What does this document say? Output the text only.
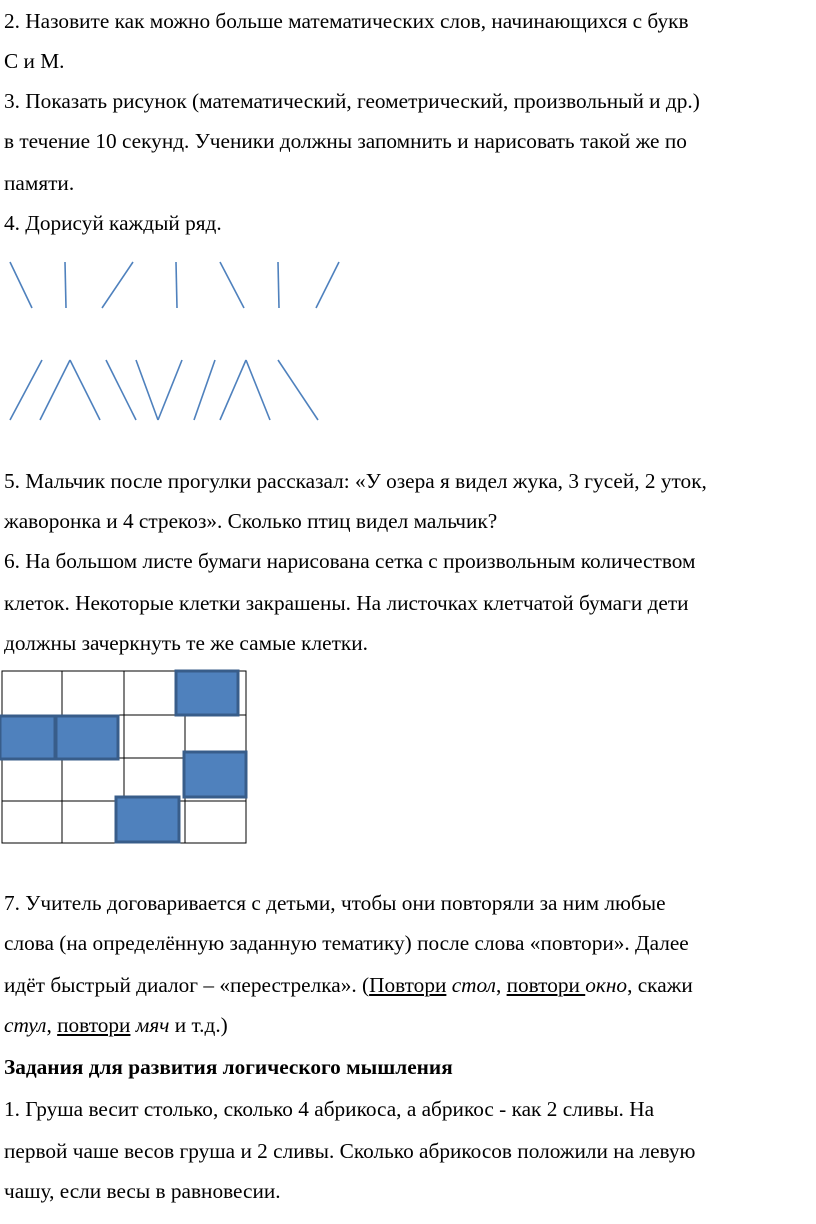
2. Назовите как можно больше математических слов, начинающихся с букв
С и М.
3. Показать рисунок (математический, геометрический, произвольный и др.)
в течение 10 секунд. Ученики должны запомнить и нарисовать такой же по
памяти.
4. Дорисуй каждый ряд.
5. Мальчик после прогулки рассказал: «У озера я видел жука, 3 гусей, 2 уток,
жаворонка и 4 стрекоз». Сколько птиц видел мальчик?
6. На большом листе бумаги нарисована сетка с произвольным количеством
клеток. Некоторые клетки закрашены. На листочках клетчатой бумаги дети
должны зачеркнуть те же самые клетки.
7. Учитель договаривается с детьми, чтобы они повторяли за ним любые
слова (на определённую заданную тематику) после слова «повтори». Далее
идёт быстрый диалог – «перестрелка». (Повтори стол, повтори окно, скажи
стул, повтори мяч и т.д.)
Задания для развития логического мышления
1. Груша весит столько, сколько 4 абрикоса, а абрикос - как 2 сливы. На
первой чаше весов груша и 2 сливы. Сколько абрикосов положили на левую
чашу, если весы в равновесии.
